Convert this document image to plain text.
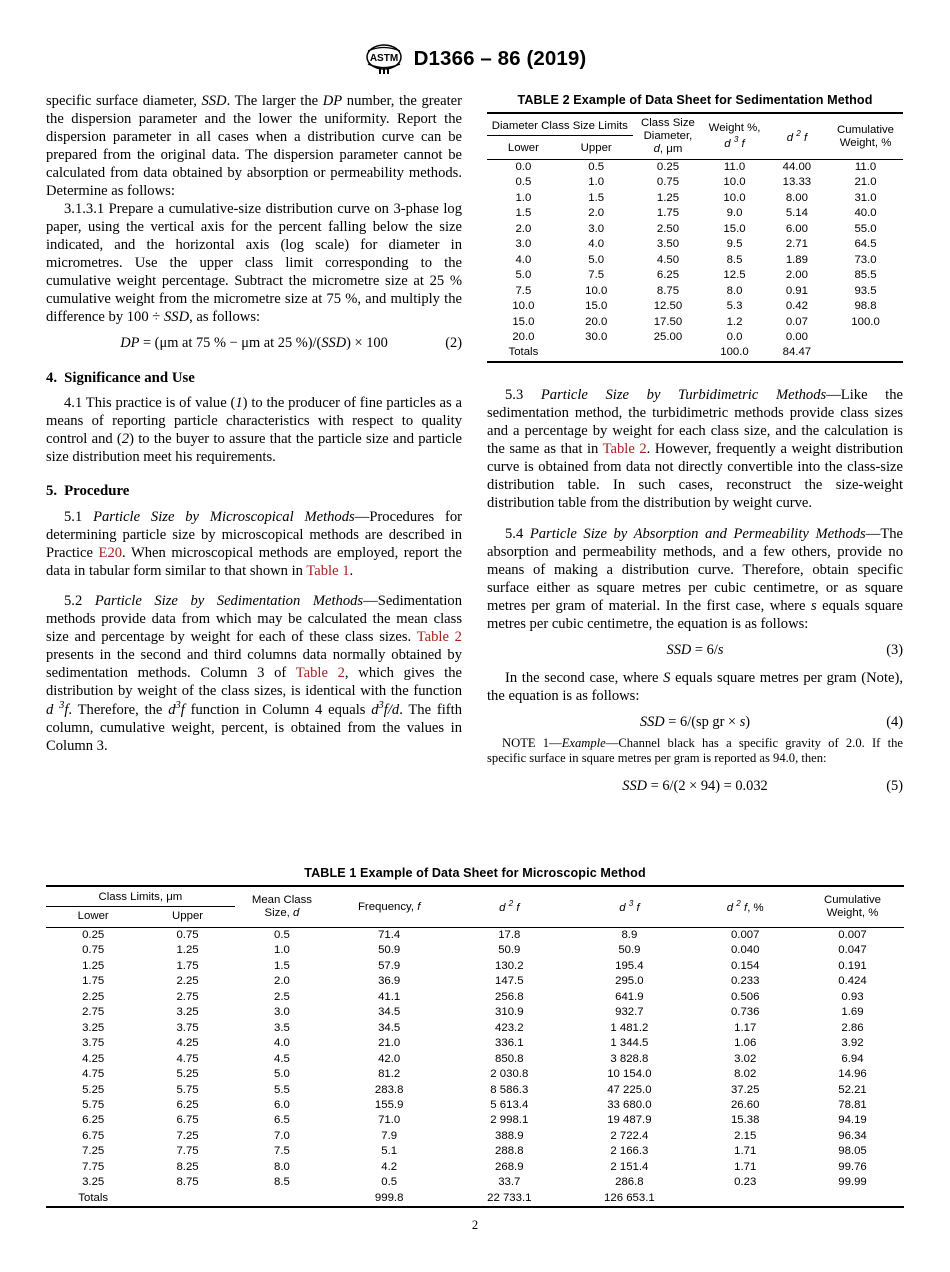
ASTM D1366 – 86 (2019)

specific surface diameter, SSD. The larger the DP number, the greater the dispersion parameter and the lower the uniformity. Report the dispersion parameter in all cases when a distribution curve can be prepared from the original data. The dispersion parameter cannot be calculated from data obtained by absorption or permeability methods. Determine as follows:

3.1.3.1 Prepare a cumulative-size distribution curve on 3-phase log paper, using the vertical axis for the percent falling below the size indicated, and the horizontal axis (log scale) for diameter in micrometres. Use the upper class limit corresponding to the cumulative weight percentage. Subtract the micrometre size at 25 % cumulative weight from the micrometre size at 75 %, and multiply the difference by 100 ÷ SSD, as follows:

DP = (μm at 75 % − μm at 25 %)/(SSD) × 100	(2)
4. Significance and Use

4.1 This practice is of value (1) to the producer of fine particles as a means of reporting particle characteristics with respect to quality control and (2) to the buyer to assure that the particle size and particle size distribution meet his requirements.

5. Procedure

5.1 Particle Size by Microscopical Methods—Procedures for determining particle size by microscopical methods are described in Practice E20. When microscopical methods are employed, report the data in tabular form similar to that shown in Table 1.

5.2 Particle Size by Sedimentation Methods—Sedimentation methods provide data from which may be calculated the mean class size and percentage by weight for each of these class sizes. Table 2 presents in the second and third columns data normally obtained by sedimentation methods. Column 3 of Table 2, which gives the distribution by weight of the class sizes, is identical with the function d $^3$f. Therefore, the $d^3f$ function in Column 4 equals $d^3f/d$. The fifth column, cumulative weight, percent, is obtained from the values in Column 3.

5.3 Particle Size by Turbidimetric Methods—Like the sedimentation method, the turbidimetric methods provide class sizes and a percentage by weight for each class size, and the calculation is the same as that in Table 2. However, frequently a weight distribution curve is obtained from data not directly convertible into the class-size distribution table. In such cases, reconstruct the size-weight distribution table from the distribution by weight curve.

5.4 Particle Size by Absorption and Permeability Methods—The absorption and permeability methods, and a few others, provide no means of making a distribution curve. Therefore, obtain specific surface either as square metres per cubic centimetre, or as square metres per gram of material. In the first case, where s equals square metres per cubic centimetre, the equation is as follows:

SSD = 6/s	(3)

In the second case, where S equals square metres per gram (Note), the equation is as follows:

SSD = 6/(sp gr × s)	(4)

NOTE 1—Example—Channel black has a specific gravity of 2.0. If the specific surface in square metres per gram is reported as 94.0, then:

SSD = 6/(2 × 94) = 0.032	(5)
TABLE 2 Example of Data Sheet for Sedimentation Method
Diameter Class Size Limits		Class Size
Diameter,
d, μm	Weight %,
d $^3$ f	d $^2$ f	Cumulative
Weight, %
Lower	Upper				
0.0	0.5	0.25	11.0	44.00	11.0
0.5	1.0	0.75	10.0	13.33	21.0
1.0	1.5	1.25	10.0	8.00	31.0
1.5	2.0	1.75	9.0	5.14	40.0
2.0	3.0	2.50	15.0	6.00	55.0
3.0	4.0	3.50	9.5	2.71	64.5
4.0	5.0	4.50	8.5	1.89	73.0
5.0	7.5	6.25	12.5	2.00	85.5
7.5	10.0	8.75	8.0	0.91	93.5
10.0	15.0	12.50	5.3	0.42	98.8
15.0	20.0	17.50	1.2	0.07	100.0
20.0	30.0	25.00	0.0	0.00	
Totals			100.0	84.47	
TABLE 1 Example of Data Sheet for Microscopic Method
Class Limits, μm		Mean Class
Size, d	Frequency, f	d $^2$ f	d $^3$ f	d $^2$ f, %	Cumulative
Weight, %
Lower	Upper						
0.25	0.75	0.5	71.4	17.8	8.9	0.007	0.007
0.75	1.25	1.0	50.9	50.9	50.9	0.040	0.047
1.25	1.75	1.5	57.9	130.2	195.4	0.154	0.191
1.75	2.25	2.0	36.9	147.5	295.0	0.233	0.424
2.25	2.75	2.5	41.1	256.8	641.9	0.506	0.93
2.75	3.25	3.0	34.5	310.9	932.7	0.736	1.69
3.25	3.75	3.5	34.5	423.2	1 481.2	1.17	2.86
3.75	4.25	4.0	21.0	336.1	1 344.5	1.06	3.92
4.25	4.75	4.5	42.0	850.8	3 828.8	3.02	6.94
4.75	5.25	5.0	81.2	2 030.8	10 154.0	8.02	14.96
5.25	5.75	5.5	283.8	8 586.3	47 225.0	37.25	52.21
5.75	6.25	6.0	155.9	5 613.4	33 680.0	26.60	78.81
6.25	6.75	6.5	71.0	2 998.1	19 487.9	15.38	94.19
6.75	7.25	7.0	7.9	388.9	2 722.4	2.15	96.34
7.25	7.75	7.5	5.1	288.8	2 166.3	1.71	98.05
7.75	8.25	8.0	4.2	268.9	2 151.4	1.71	99.76
3.25	8.75	8.5	0.5	33.7	286.8	0.23	99.99
Totals			999.8	22 733.1	126 653.1		
2
